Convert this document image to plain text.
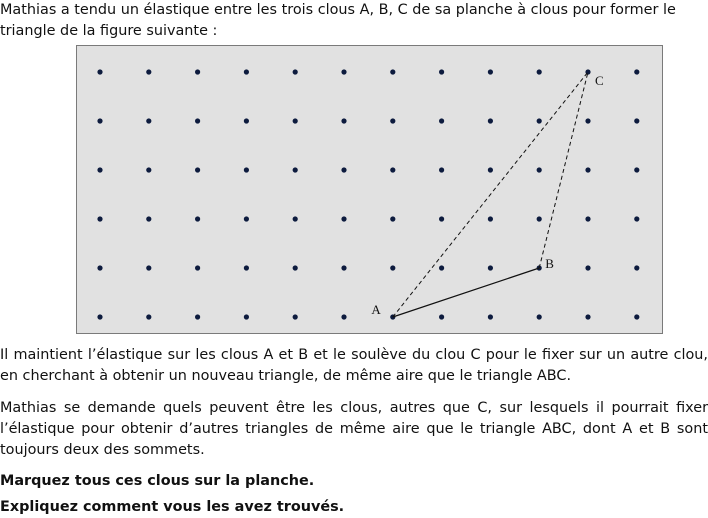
Mathias a tendu un élastique entre les trois clous A, B, C de sa planche à clous pour former le triangle de la figure suivante :

A
B
C

Il maintient l’élastique sur les clous A et B et le soulève du clou C pour le fixer sur un autre clou, en cherchant à obtenir un nouveau triangle, de même aire que le triangle ABC.

Mathias se demande quels peuvent être les clous, autres que C, sur lesquels il pourrait fixer l’élastique pour obtenir d’autres triangles de même aire que le triangle ABC, dont A et B sont toujours deux des sommets.

Marquez tous ces clous sur la planche.

Expliquez comment vous les avez trouvés.
